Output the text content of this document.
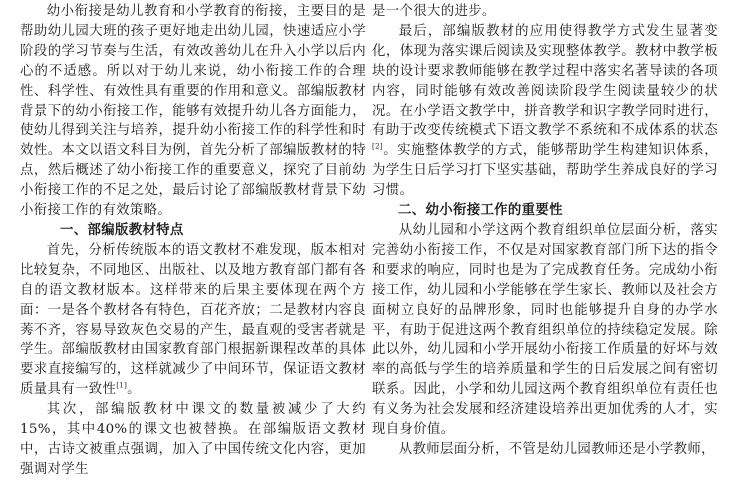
幼小衔接是幼儿教育和小学教育的衔接，主要目的是帮助幼儿园大班的孩子更好地走出幼儿园，快速适应小学阶段的学习节奏与生活，有效改善幼儿在升入小学以后内心的不适感。所以对于幼儿来说，幼小衔接工作的合理性、科学性、有效性具有重要的作用和意义。部编版教材背景下的幼小衔接工作，能够有效提升幼儿各方面能力，使幼儿得到关注与培养，提升幼小衔接工作的科学性和时效性。本文以语文科目为例，首先分析了部编版教材的特点，然后概述了幼小衔接工作的重要意义，探究了目前幼小衔接工作的不足之处，最后讨论了部编版教材背景下幼小衔接工作的有效策略。

一、部编版教材特点

首先，分析传统版本的语文教材不难发现，版本相对比较复杂，不同地区、出版社、以及地方教育部门都有各自的语文教材版本。这样带来的后果主要体现在两个方面：一是各个教材各有特色，百花齐放；二是教材内容良莠不齐，容易导致灰色交易的产生，最直观的受害者就是学生。部编版教材由国家教育部门根据新课程改革的具体要求直接编写的，这样就减少了中间环节，保证语文教材质量具有一致性[1]。

其次，部编版教材中课文的数量被减少了大约15%，其中40%的课文也被替换。在部编版语文教材中，古诗文被重点强调，加入了中国传统文化内容，更加强调对学生

是一个很大的进步。

最后，部编版教材的应用使得教学方式发生显著变化，体现为落实课后阅读及实现整体教学。教材中教学板块的设计要求教师能够在教学过程中落实名著导读的各项内容，同时能够有效改善阅读阶段学生阅读量较少的状况。在小学语文教学中，拼音教学和识字教学同时进行，有助于改变传统模式下语文教学不系统和不成体系的状态[2]。实施整体教学的方式，能够帮助学生构建知识体系，为学生日后学习打下坚实基础，帮助学生养成良好的学习习惯。

二、幼小衔接工作的重要性

从幼儿园和小学这两个教育组织单位层面分析，落实完善幼小衔接工作，不仅是对国家教育部门所下达的指令和要求的响应，同时也是为了完成教育任务。完成幼小衔接工作，幼儿园和小学能够在学生家长、教师以及社会方面树立良好的品牌形象，同时也能够提升自身的办学水平，有助于促进这两个教育组织单位的持续稳定发展。除此以外，幼儿园和小学开展幼小衔接工作质量的好坏与效率的高低与学生的培养质量和学生的日后发展之间有密切联系。因此，小学和幼儿园这两个教育组织单位有责任也有义务为社会发展和经济建设培养出更加优秀的人才，实现自身价值。

从教师层面分析，不管是幼儿园教师还是小学教师，
